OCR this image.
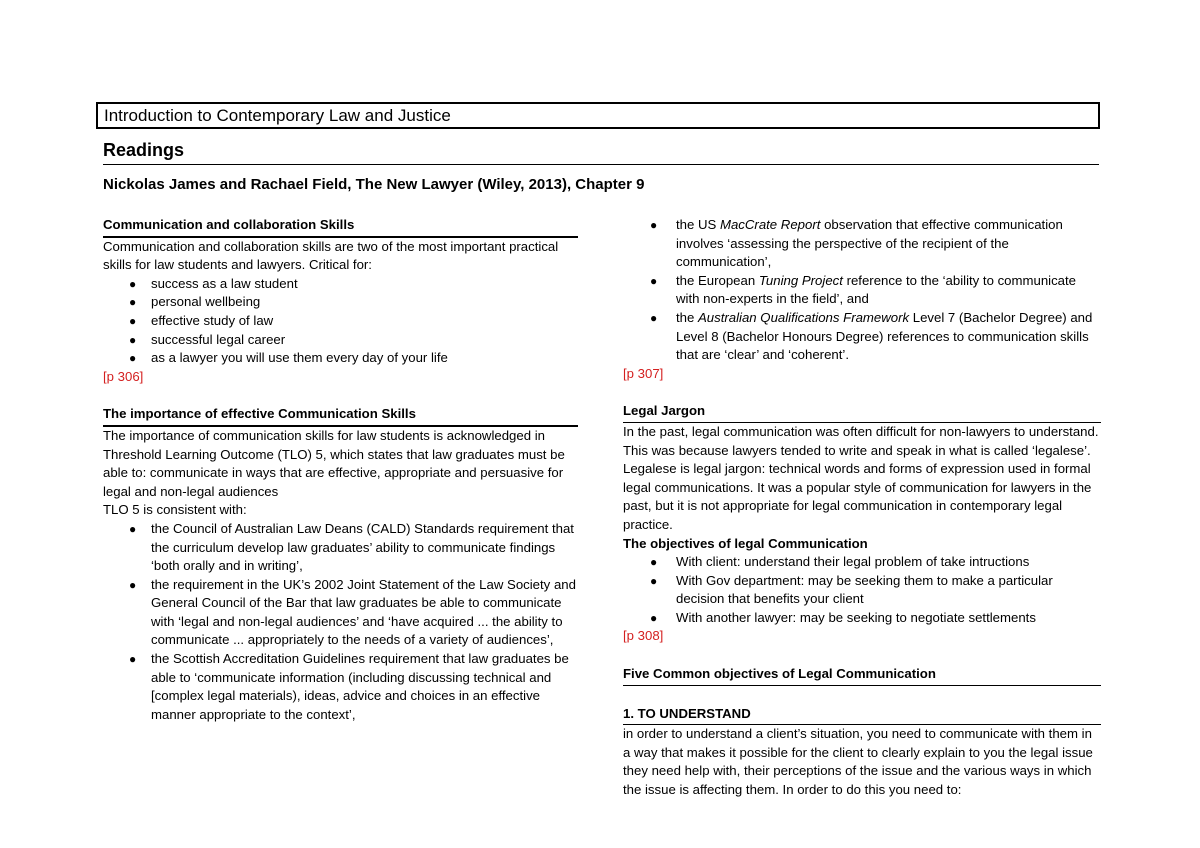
Introduction to Contemporary Law and Justice
Readings
Nickolas James and Rachael Field, The New Lawyer (Wiley, 2013), Chapter 9
Communication and collaboration Skills

Communication and collaboration skills are two of the most important practical skills for law students and lawyers. Critical for:

● success as a law student
● personal wellbeing
● effective study of law
● successful legal career
● as a lawyer you will use them every day of your life

[p 306]

The importance of effective Communication Skills

The importance of communication skills for law students is acknowledged in Threshold Learning Outcome (TLO) 5, which states that law graduates must be able to: communicate in ways that are effective, appropriate and persuasive for legal and non-legal audiences

TLO 5 is consistent with:

● the Council of Australian Law Deans (CALD) Standards requirement that the curriculum develop law graduates’ ability to communicate findings ‘both orally and in writing’,
● the requirement in the UK’s 2002 Joint Statement of the Law Society and General Council of the Bar that law graduates be able to communicate with ‘legal and non-legal audiences’ and ‘have acquired ... the ability to communicate ... appropriately to the needs of a variety of audiences’,
● the Scottish Accreditation Guidelines requirement that law graduates be able to ‘communicate information (including discussing technical and [complex legal materials), ideas, advice and choices in an effective manner appropriate to the context’,
● the US MacCrate Report observation that effective communication involves ‘assessing the perspective of the recipient of the communication’,
● the European Tuning Project reference to the ‘ability to communicate with non-experts in the field’, and
● the Australian Qualifications Framework Level 7 (Bachelor Degree) and Level 8 (Bachelor Honours Degree) references to communication skills that are ‘clear’ and ‘coherent’.

[p 307]

Legal Jargon

In the past, legal communication was often difficult for non-lawyers to understand. This was because lawyers tended to write and speak in what is called ‘legalese’. Legalese is legal jargon: technical words and forms of expression used in formal legal communications. It was a popular style of communication for lawyers in the past, but it is not appropriate for legal communication in contemporary legal practice.

The objectives of legal Communication
● With client: understand their legal problem of take intructions
● With Gov department: may be seeking them to make a particular decision that benefits your client
● With another lawyer: may be seeking to negotiate settlements

[p 308]

Five Common objectives of Legal Communication
1. TO UNDERSTAND

in order to understand a client’s situation, you need to communicate with them in a way that makes it possible for the client to clearly explain to you the legal issue they need help with, their perceptions of the issue and the various ways in which the issue is affecting them. In order to do this you need to:
